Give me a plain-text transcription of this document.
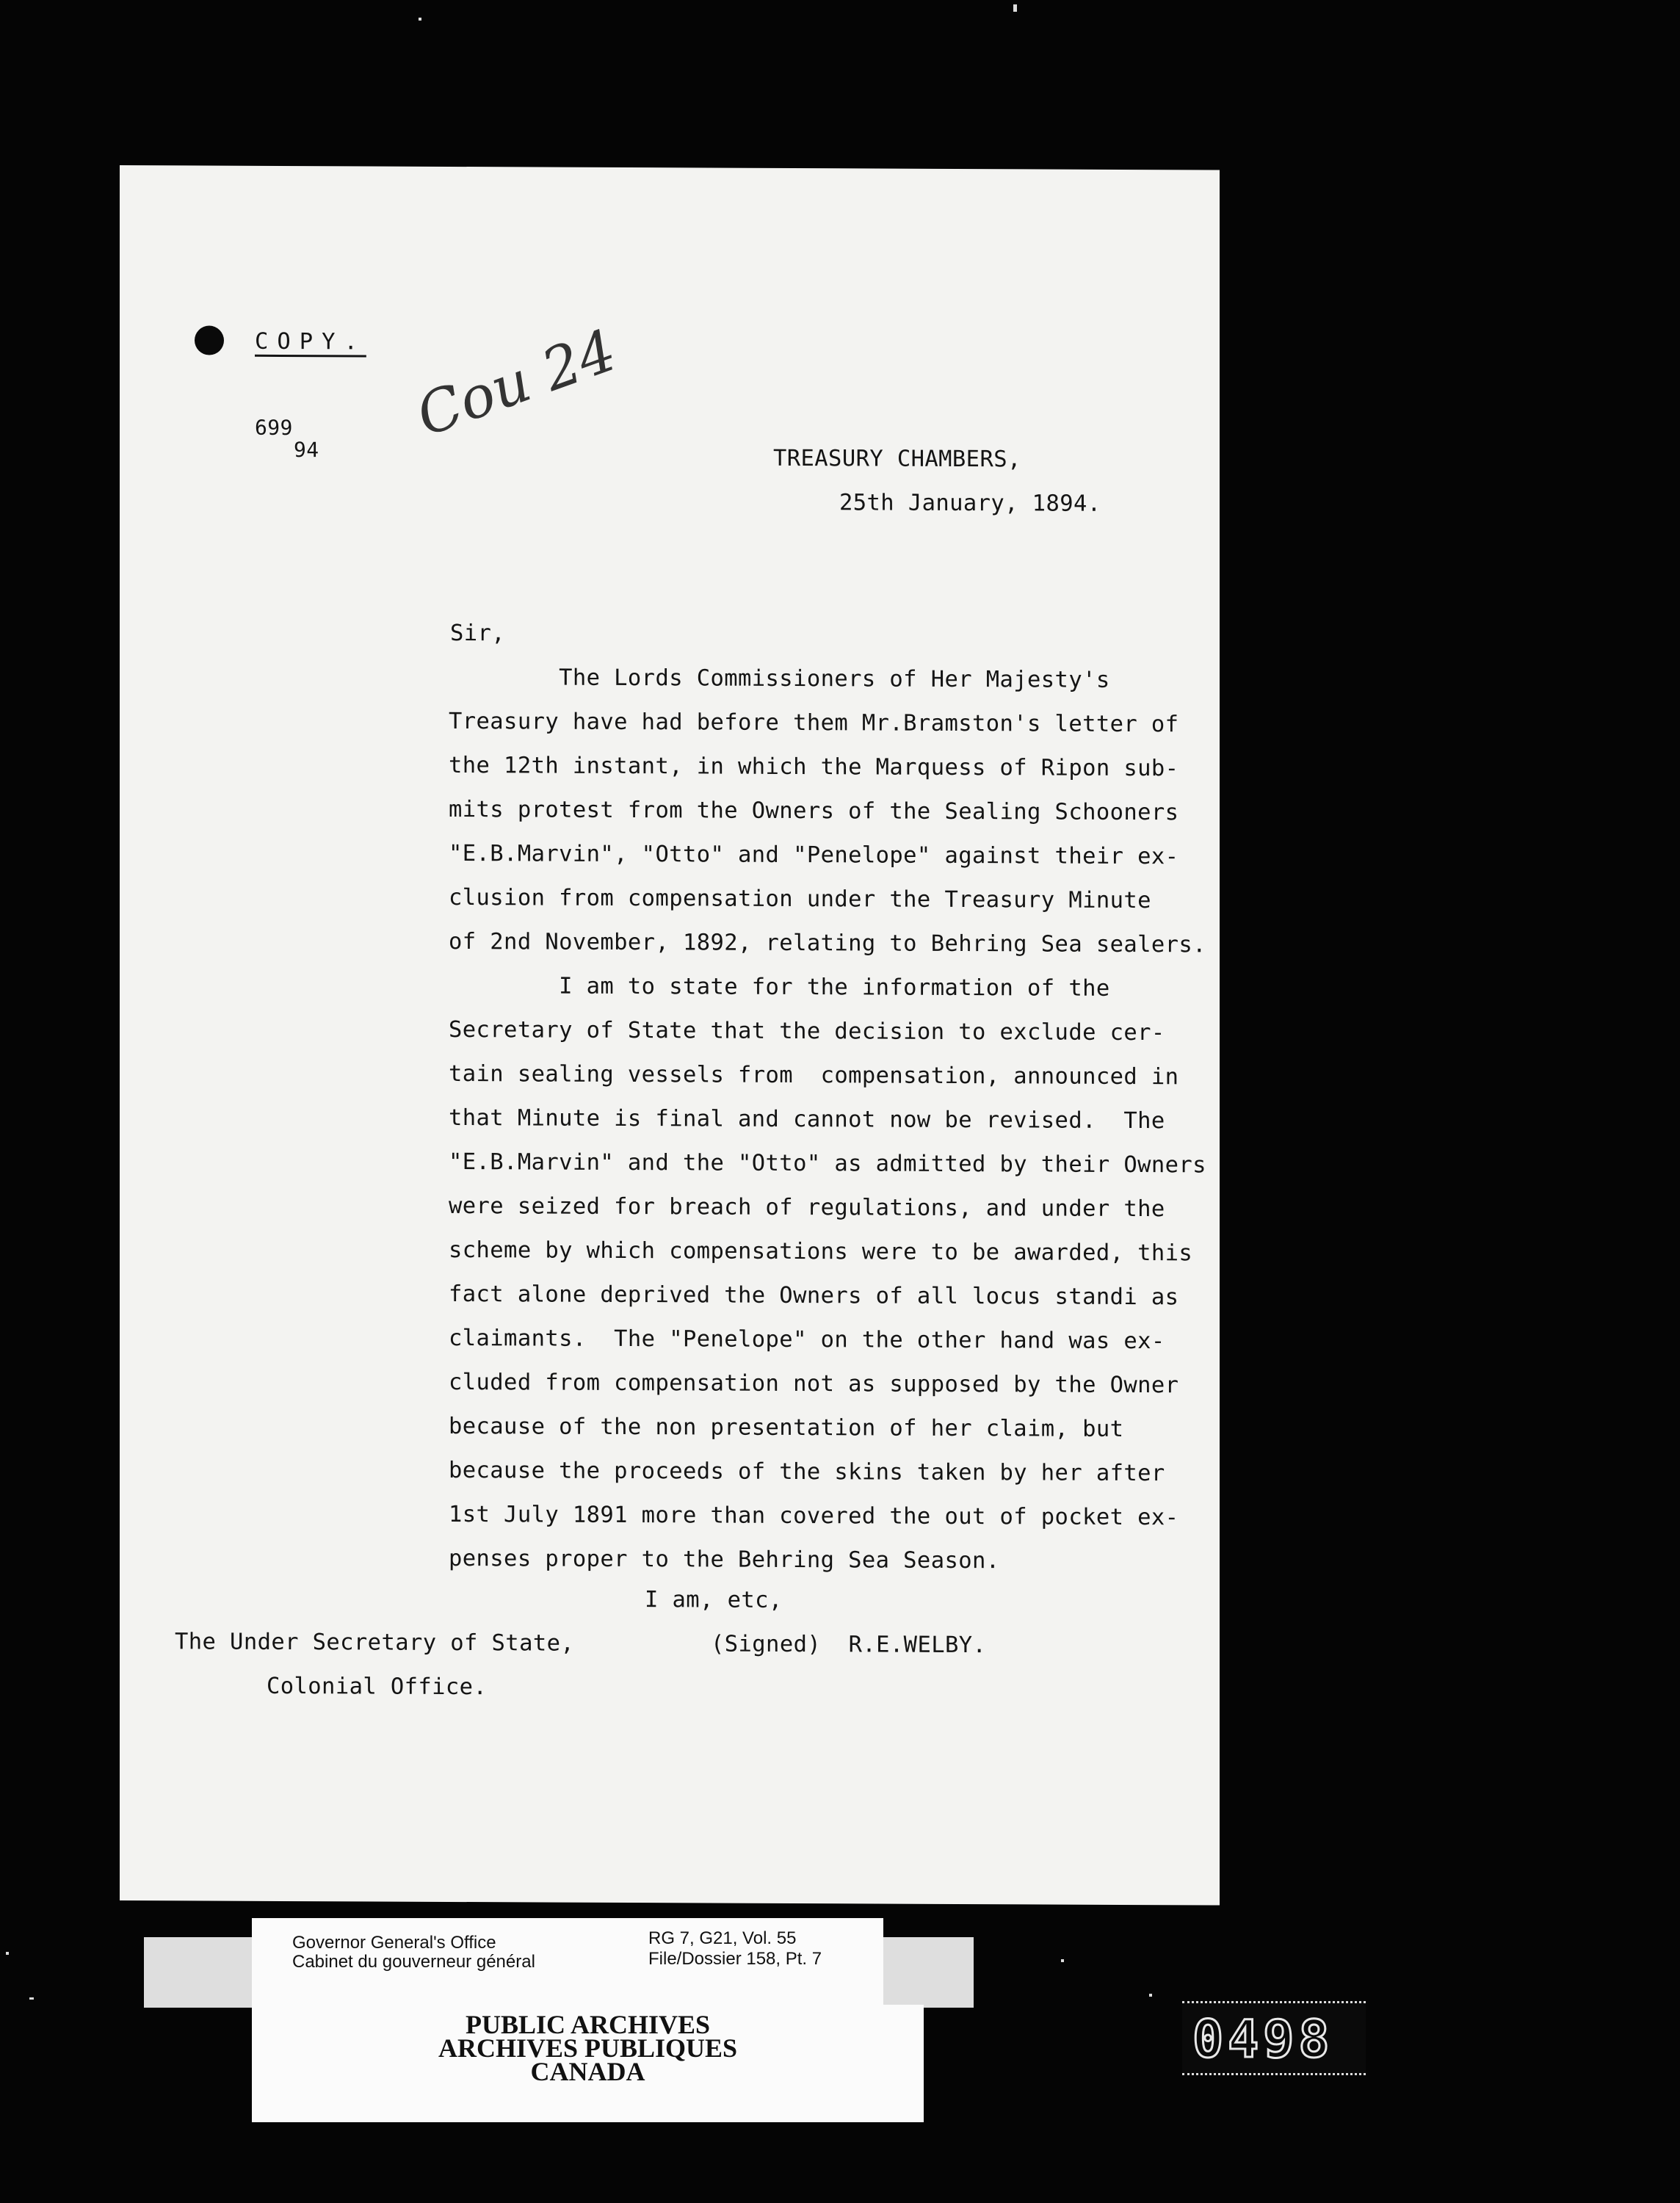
COPY.
699
94
Cou 24
TREASURY CHAMBERS,
25th January, 1894.
Sir,
The Lords Commissioners of Her Majesty's
Treasury have had before them Mr.Bramston's letter of
the 12th instant, in which the Marquess of Ripon sub-
mits protest from the Owners of the Sealing Schooners
"E.B.Marvin", "Otto" and "Penelope" against their ex-
clusion from compensation under the Treasury Minute
of 2nd November, 1892, relating to Behring Sea sealers.
I am to state for the information of the
Secretary of State that the decision to exclude cer-
tain sealing vessels from  compensation, announced in
that Minute is final and cannot now be revised.  The
"E.B.Marvin" and the "Otto" as admitted by their Owners
were seized for breach of regulations, and under the
scheme by which compensations were to be awarded, this
fact alone deprived the Owners of all locus standi as
claimants.  The "Penelope" on the other hand was ex-
cluded from compensation not as supposed by the Owner
because of the non presentation of her claim, but
because the proceeds of the skins taken by her after
1st July 1891 more than covered the out of pocket ex-
penses proper to the Behring Sea Season.
I am, etc,
The Under Secretary of State,	(Signed)  R.E.WELBY.
Colonial Office.
Governor General's Office
Cabinet du gouverneur général
RG 7, G21, Vol. 55
File/Dossier 158, Pt. 7
PUBLIC ARCHIVES
ARCHIVES PUBLIQUES
CANADA
0498
